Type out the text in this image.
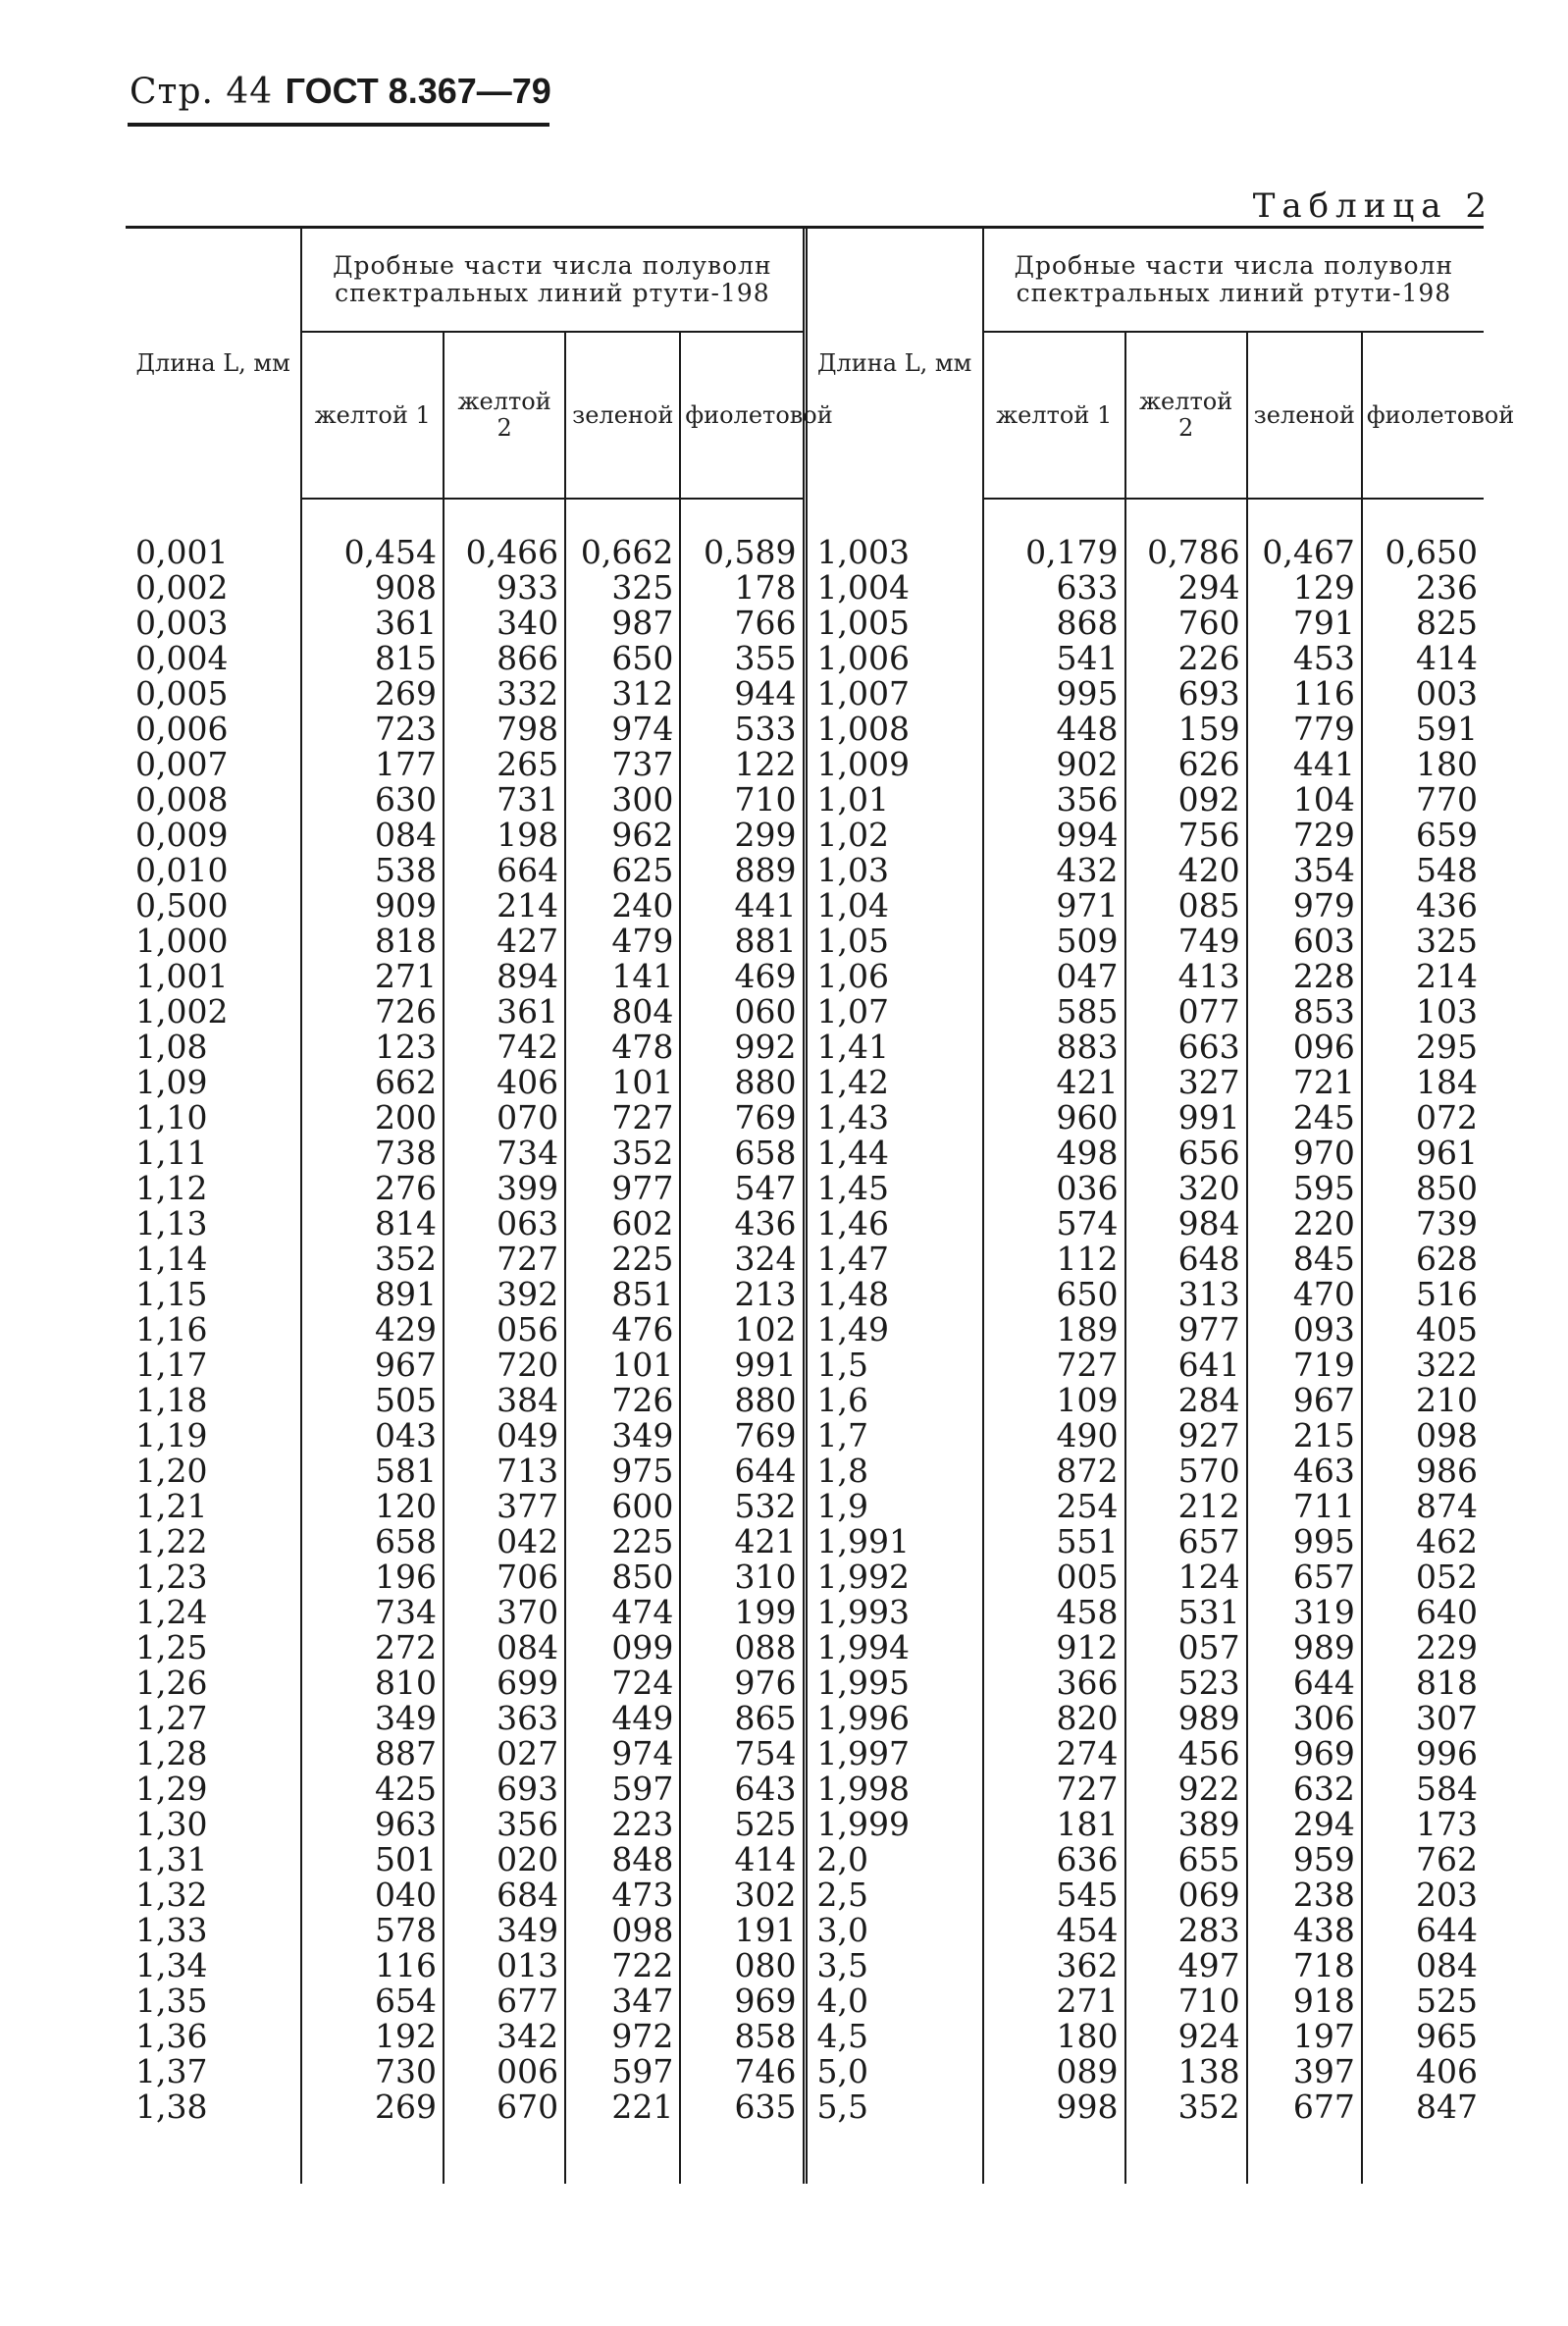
Стр. 44 ГОСТ 8.367—79
Таблица 2
Длина L, мм	Дробные части числа полуволн спектральных линий ртути-198			
	желтой 1	желтой 2	зеленой	фиолетовой
0,001	0,454	0,466	0,662	0,589
0,002	908	933	325	178
0,003	361	340	987	766
0,004	815	866	650	355
0,005	269	332	312	944
0,006	723	798	974	533
0,007	177	265	737	122
0,008	630	731	300	710
0,009	084	198	962	299
0,010	538	664	625	889
0,500	909	214	240	441
1,000	818	427	479	881
1,001	271	894	141	469
1,002	726	361	804	060
1,08	123	742	478	992
1,09	662	406	101	880
1,10	200	070	727	769
1,11	738	734	352	658
1,12	276	399	977	547
1,13	814	063	602	436
1,14	352	727	225	324
1,15	891	392	851	213
1,16	429	056	476	102
1,17	967	720	101	991
1,18	505	384	726	880
1,19	043	049	349	769
1,20	581	713	975	644
1,21	120	377	600	532
1,22	658	042	225	421
1,23	196	706	850	310
1,24	734	370	474	199
1,25	272	084	099	088
1,26	810	699	724	976
1,27	349	363	449	865
1,28	887	027	974	754
1,29	425	693	597	643
1,30	963	356	223	525
1,31	501	020	848	414
1,32	040	684	473	302
1,33	578	349	098	191
1,34	116	013	722	080
1,35	654	677	347	969
1,36	192	342	972	858
1,37	730	006	597	746
1,38	269	670	221	635
Длина L, мм	Дробные части числа полуволн спектральных линий ртути-198			
	желтой 1	желтой 2	зеленой	фиолетовой
1,003	0,179	0,786	0,467	0,650
1,004	633	294	129	236
1,005	868	760	791	825
1,006	541	226	453	414
1,007	995	693	116	003
1,008	448	159	779	591
1,009	902	626	441	180
1,01	356	092	104	770
1,02	994	756	729	659
1,03	432	420	354	548
1,04	971	085	979	436
1,05	509	749	603	325
1,06	047	413	228	214
1,07	585	077	853	103
1,41	883	663	096	295
1,42	421	327	721	184
1,43	960	991	245	072
1,44	498	656	970	961
1,45	036	320	595	850
1,46	574	984	220	739
1,47	112	648	845	628
1,48	650	313	470	516
1,49	189	977	093	405
1,5	727	641	719	322
1,6	109	284	967	210
1,7	490	927	215	098
1,8	872	570	463	986
1,9	254	212	711	874
1,991	551	657	995	462
1,992	005	124	657	052
1,993	458	531	319	640
1,994	912	057	989	229
1,995	366	523	644	818
1,996	820	989	306	307
1,997	274	456	969	996
1,998	727	922	632	584
1,999	181	389	294	173
2,0	636	655	959	762
2,5	545	069	238	203
3,0	454	283	438	644
3,5	362	497	718	084
4,0	271	710	918	525
4,5	180	924	197	965
5,0	089	138	397	406
5,5	998	352	677	847
